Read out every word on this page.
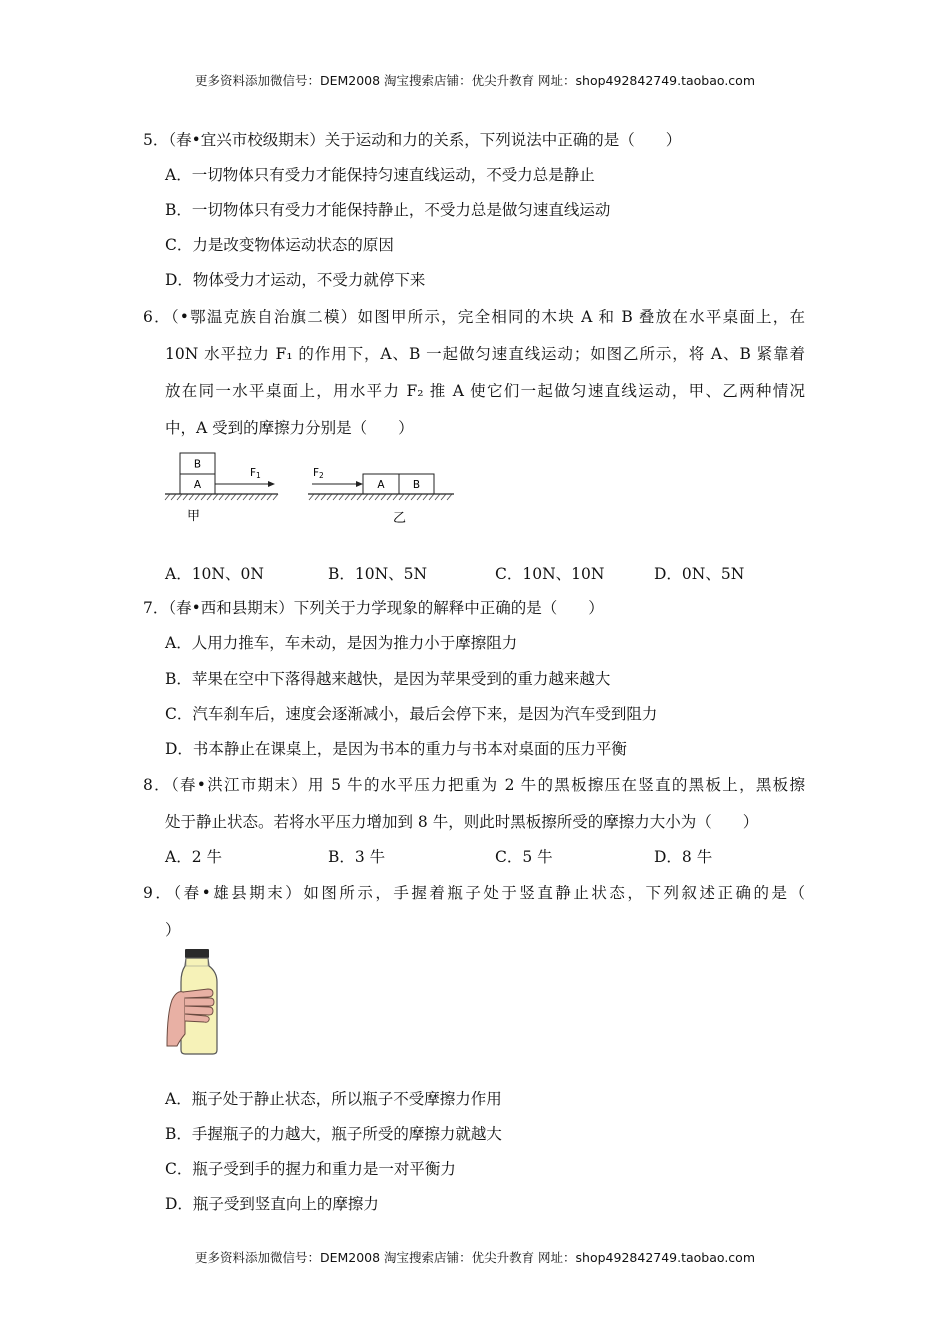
更多资料添加微信号：DEM2008 淘宝搜索店铺：优尖升教育 网址：shop492842749.taobao.com
5．（春•宜兴市校级期末）关于运动和力的关系，下列说法中正确的是（　　）
A．一切物体只有受力才能保持匀速直线运动，不受力总是静止
B．一切物体只有受力才能保持静止，不受力总是做匀速直线运动
C．力是改变物体运动状态的原因
D．物体受力才运动，不受力就停下来
6．（•鄂温克族自治旗二模）如图甲所示，完全相同的木块 A 和 B 叠放在水平桌面上，在
10N 水平拉力 F₁ 的作用下，A、B 一起做匀速直线运动；如图乙所示，将 A、B 紧靠着
放在同一水平桌面上，用水平力 F₂ 推 A 使它们一起做匀速直线运动，甲、乙两种情况
中，A 受到的摩擦力分别是（　　）
B
A
F1
甲
F2
A	B
乙
A．10N、0N	B．10N、5N	C．10N、10N	D．0N、5N
7．（春•西和县期末）下列关于力学现象的解释中正确的是（　　）
A．人用力推车，车未动，是因为推力小于摩擦阻力
B．苹果在空中下落得越来越快，是因为苹果受到的重力越来越大
C．汽车刹车后，速度会逐渐减小，最后会停下来，是因为汽车受到阻力
D．书本静止在课桌上，是因为书本的重力与书本对桌面的压力平衡
8．（春•洪江市期末）用 5 牛的水平压力把重为 2 牛的黑板擦压在竖直的黑板上，黑板擦
处于静止状态。若将水平压力增加到 8 牛，则此时黑板擦所受的摩擦力大小为（　　）
A．2 牛	B．3 牛	C．5 牛	D．8 牛
9．（春•雄县期末）如图所示，手握着瓶子处于竖直静止状态，下列叙述正确的是（
）
A．瓶子处于静止状态，所以瓶子不受摩擦力作用
B．手握瓶子的力越大，瓶子所受的摩擦力就越大
C．瓶子受到手的握力和重力是一对平衡力
D．瓶子受到竖直向上的摩擦力
更多资料添加微信号：DEM2008 淘宝搜索店铺：优尖升教育 网址：shop492842749.taobao.com
